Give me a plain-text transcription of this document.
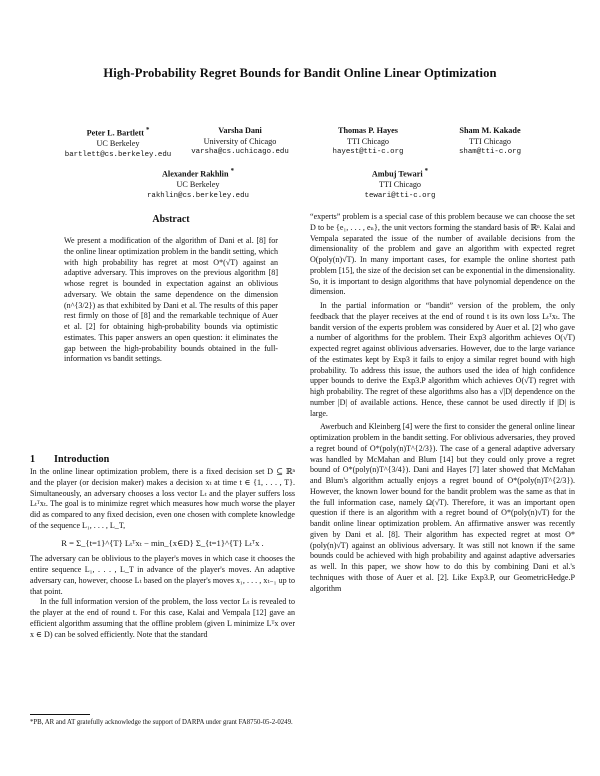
High-Probability Regret Bounds for Bandit Online Linear Optimization
Peter L. Bartlett *
UC Berkeley
bartlett@cs.berkeley.edu
Varsha Dani
University of Chicago
varsha@cs.uchicago.edu
Thomas P. Hayes
TTI Chicago
hayest@tti-c.org
Sham M. Kakade
TTI Chicago
sham@tti-c.org
Alexander Rakhlin *
UC Berkeley
rakhlin@cs.berkeley.edu
Ambuj Tewari *
TTI Chicago
tewari@tti-c.org
Abstract

We present a modification of the algorithm of Dani et al. [8] for the online linear optimization problem in the bandit setting, which with high probability has regret at most O*(√T) against an adaptive adversary. This improves on the previous algorithm [8] whose regret is bounded in expectation against an oblivious adversary. We obtain the same dependence on the dimension (n^{3/2}) as that exhibited by Dani et al. The results of this paper rest firmly on those of [8] and the remarkable technique of Auer et al. [2] for obtaining high-probability bounds via optimistic estimates. This paper answers an open question: it eliminates the gap between the high-probability bounds obtained in the full-information vs bandit settings.

1 Introduction

In the online linear optimization problem, there is a fixed decision set D ⊆ ℝⁿ and the player (or decision maker) makes a decision xₜ at time t ∈ {1, . . . , T}. Simultaneously, an adversary chooses a loss vector Lₜ and the player suffers loss Lₜᵀxₜ. The goal is to minimize regret which measures how much worse the player did as compared to any fixed decision, even one chosen with complete knowledge of the sequence L₁, . . . , L_T,

R = Σ_{t=1}^{T} Lₜᵀxₜ − min_{x∈D} Σ_{t=1}^{T} Lₜᵀx .

The adversary can be oblivious to the player's moves in which case it chooses the entire sequence L₁, . . . , L_T in advance of the player's moves. An adaptive adversary can, however, choose Lₜ based on the player's moves x₁, . . . , xₜ₋₁ up to that point.

In the full information version of the problem, the loss vector Lₜ is revealed to the player at the end of round t. For this case, Kalai and Vempala [12] gave an efficient algorithm assuming that the offline problem (given L minimize Lᵀx over x ∈ D) can be solved efficiently. Note that the standard

*PB, AR and AT gratefully acknowledge the support of DARPA under grant FA8750-05-2-0249.

“experts” problem is a special case of this problem because we can choose the set D to be {e₁, . . . , eₙ}, the unit vectors forming the standard basis of ℝⁿ. Kalai and Vempala separated the issue of the number of available decisions from the dimensionality of the problem and gave an algorithm with expected regret O(poly(n)√T). In many important cases, for example the online shortest path problem [15], the size of the decision set can be exponential in the dimensionality. So, it is important to design algorithms that have polynomial dependence on the dimension.

In the partial information or “bandit” version of the problem, the only feedback that the player receives at the end of round t is its own loss Lₜᵀxₜ. The bandit version of the experts problem was considered by Auer et al. [2] who gave a number of algorithms for the problem. Their Exp3 algorithm achieves O(√T) expected regret against oblivious adversaries. However, due to the large variance of the estimates kept by Exp3 it fails to enjoy a similar regret bound with high probability. To address this issue, the authors used the idea of high confidence upper bounds to derive the Exp3.P algorithm which achieves O(√T) regret with high probability. The regret of these algorithms also has a √|D| dependence on the number |D| of available actions. Hence, these cannot be used directly if |D| is large.

Awerbuch and Kleinberg [4] were the first to consider the general online linear optimization problem in the bandit setting. For oblivious adversaries, they proved a regret bound of O*(poly(n)T^{2/3}). The case of a general adaptive adversary was handled by McMahan and Blum [14] but they could only prove a regret bound of O*(poly(n)T^{3/4}). Dani and Hayes [7] later showed that McMahan and Blum's algorithm actually enjoys a regret bound of O*(poly(n)T^{2/3}). However, the known lower bound for the bandit problem was the same as that in the full information case, namely Ω(√T). Therefore, it was an important open question if there is an algorithm with a regret bound of O*(poly(n)√T) for the bandit online linear optimization problem. An affirmative answer was recently given by Dani et al. [8]. Their algorithm has expected regret at most O*(poly(n)√T) against an oblivious adversary. It was still not known if the same bounds could be achieved with high probability and against adaptive adversaries as well. In this paper, we show how to do this by combining Dani et al.'s techniques with those of Auer et al. [2]. Like Exp3.P, our GeometricHedge.P algorithm
